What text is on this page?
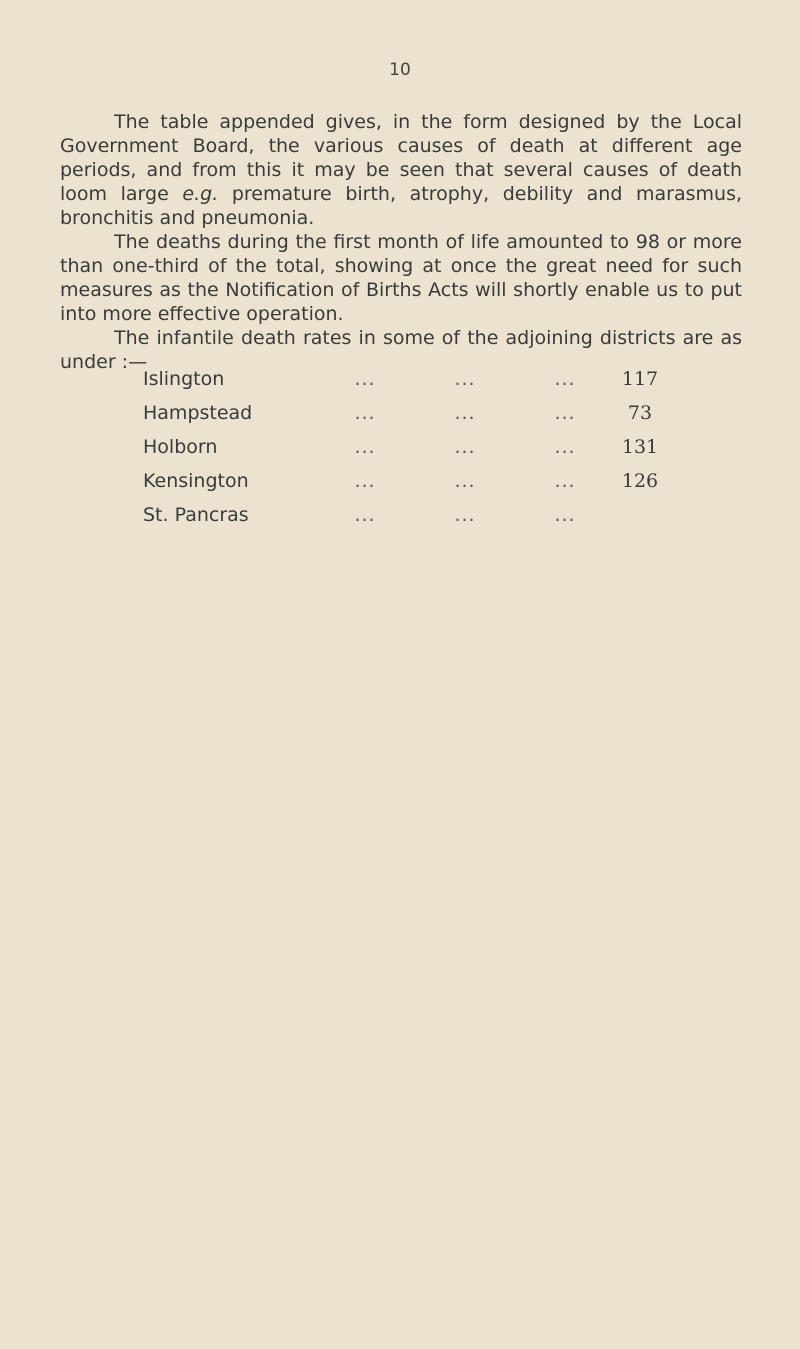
10

The table appended gives, in the form designed by the Local Government Board, the various causes of death at different age periods, and from this it may be seen that several causes of death loom large e.g. premature birth, atrophy, debility and marasmus, bronchitis and pneumonia.

The deaths during the first month of life amounted to 98 or more than one-third of the total, showing at once the great need for such measures as the Notification of Births Acts will shortly enable us to put into more effective operation.

The infantile death rates in some of the adjoining districts are as under :—

Islington	...	...	...	117
Hampstead	...	...	...	73
Holborn	...	...	...	131
Kensington	...	...	...	126
St. Pancras	...	...	...
